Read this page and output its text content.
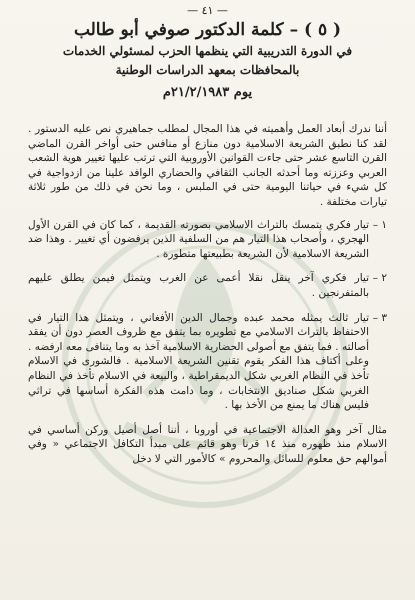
— ٤١ —

( ٥ ) – كلمة الدكتور صوفي أبو طالب

في الدورة التدريبية التي ينظمها الحزب لمسئولي الخدمات

بالمحافظات بمعهد الدراسات الوطنية

يوم ٢١/٢/١٩٨٣م

أننا ندرك أبعاد العمل وأهميته في هذا المجال لمطلب جماهيري نص عليه الدستور . لقد كنا نطبق الشريعة الاسلامية دون منازع أو منافس حتى أواخر القرن الماضي القرن التاسع عشر حتى جاءت القوانين الأوروبية التي ترتب عليها تغيير هوية الشعب العربي وعززته وما أحدثه الجانب الثقافي والحضاري الوافد علينا من ازدواجية في كل شيء في حياتنا اليومية حتى في الملبس ، وما نحن في ذلك من طور ثلاثة تيارات مختلفة .

١ –

تيار فكري يتمسك بالتراث الاسلامي بصورته القديمة ، كما كان في القرن الأول الهجري ، وأصحاب هذا التيار هم من السلفية الذين يرفضون أي تغيير . وهذا ضد الشريعة الاسلامية لأن الشريعة بطبيعتها متطورة .

٢ –

تيار فكري آخر ينقل نقلا أعمى عن الغرب ويتمثل فيمن يطلق عليهم بالمتفرنجين .

٣ –

تيار ثالث يمثله محمد عبده وجمال الدين الأفغاني ، ويتمثل هذا التيار في الاحتفاظ بالتراث الاسلامي مع تطويره بما يتفق مع ظروف العصر دون أن يفقد أصالته . فما يتفق مع أصولى الحضارية الاسلامية آخذ به وما يتنافى معه ارفضه . وعلى أكتاف هذا الفكر يقوم تقنين الشريعة الاسلامية . فالشورى في الاسلام تأخذ في النظام الغربي شكل الديمقراطية ، والبيعة في الاسلام تأخذ في النظام الغربي شكل صناديق الانتخابات ، وما دامت هذه الفكرة أساسها في تراثي فليس هناك ما يمنع من الأخذ بها .

مثال آخر وهو العدالة الاجتماعية في أوروبا ، أننا أصل أصيل وركن أساسي في الاسلام منذ ظهوره منذ ١٤ قرنا وهو قائم على مبدأ التكافل الاجتماعي « وفي أموالهم حق معلوم للسائل والمحروم » كالأمور التي لا دخل
